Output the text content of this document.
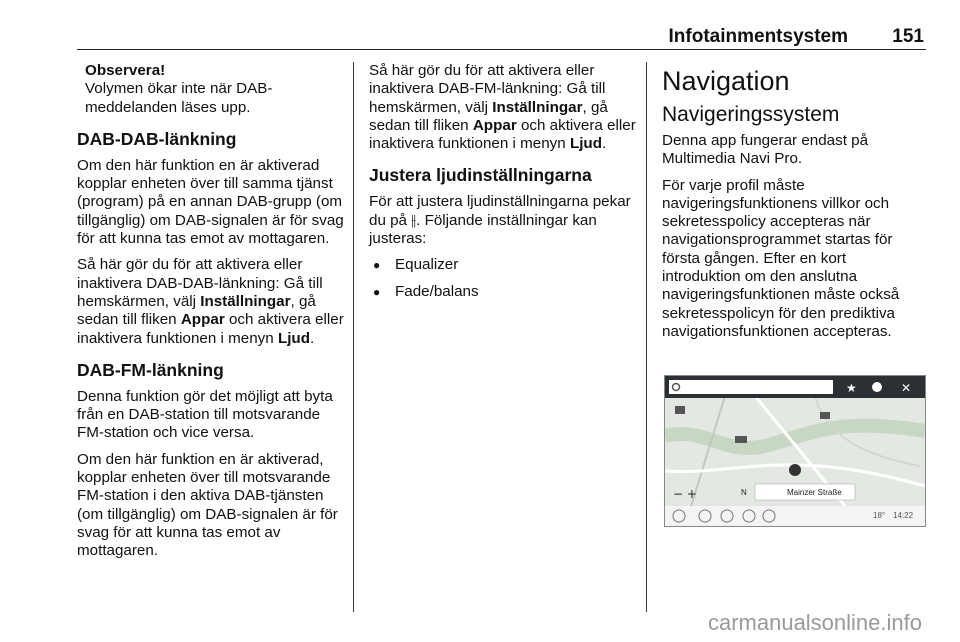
Infotainmentsystem 151
Observera!
Volymen ökar inte när DAB-meddelanden läses upp.
DAB-DAB-länkning

Om den här funktion en är aktiverad kopplar enheten över till samma tjänst (program) på en annan DAB-grupp (om tillgänglig) om DAB-signalen är för svag för att kunna tas emot av mottagaren.

Så här gör du för att aktivera eller inaktivera DAB-DAB-länkning: Gå till hemskärmen, välj Inställningar, gå sedan till fliken Appar och aktivera eller inaktivera funktionen i menyn Ljud.

DAB-FM-länkning

Denna funktion gör det möjligt att byta från en DAB-station till motsvarande FM-station och vice versa.

Om den här funktion en är aktiverad, kopplar enheten över till motsvarande FM-station i den aktiva DAB-tjänsten (om tillgänglig) om DAB-signalen är för svag för att kunna tas emot av mottagaren.

Så här gör du för att aktivera eller inaktivera DAB-FM-länkning: Gå till hemskärmen, välj Inställningar, gå sedan till fliken Appar och aktivera eller inaktivera funktionen i menyn Ljud.

Justera ljudinställningarna

För att justera ljudinställningarna pekar du på ⫲. Följande inställningar kan justeras:

● Equalizer
● Fade/balans
Navigation
Navigeringssystem

Denna app fungerar endast på Multimedia Navi Pro.

För varje profil måste navigeringsfunktionens villkor och sekretesspolicy accepteras när navigationsprogrammet startas för första gången. Efter en kort introduktion om den anslutna navigeringsfunktionen måste också sekretesspolicyn för den prediktiva navigationsfunktionen accepteras.

★	✕
− +	N	Mainzer Straße
18° 14:22
carmanualsonline.info
